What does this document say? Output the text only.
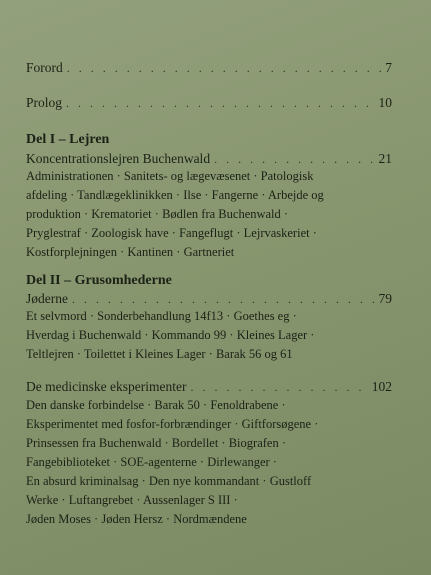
Forord . . .	7
Prolog . . .	10
Del I – Lejren
Koncentrationslejren Buchenwald . . .	21
Administrationen · Sanitets- og lægevæsenet · Patologisk
afdeling · Tandlægeklinikken · Ilse · Fangerne · Arbejde og
produktion · Krematoriet · Bødlen fra Buchenwald ·
Pryglestraf · Zoologisk have · Fangeflugt · Lejrvaskeriet ·
Kostforplejningen · Kantinen · Gartneriet
Del II – Grusomhederne
Jøderne . . .	79
Et selvmord · Sonderbehandlung 14f13 · Goethes eg ·
Hverdag i Buchenwald · Kommando 99 · Kleines Lager ·
Teltlejren · Toilettet i Kleines Lager · Barak 56 og 61
De medicinske eksperimenter . . .	102
Den danske forbindelse · Barak 50 · Fenoldrabene ·
Eksperimentet med fosfor-forbrændinger · Giftforsøgene ·
Prinsessen fra Buchenwald · Bordellet · Biografen ·
Fangebiblioteket · SOE-agenterne · Dirlewanger ·
En absurd kriminalsag · Den nye kommandant · Gustloff
Werke · Luftangrebet · Aussenlager S III ·
Jøden Moses · Jøden Hersz · Nordmændene
